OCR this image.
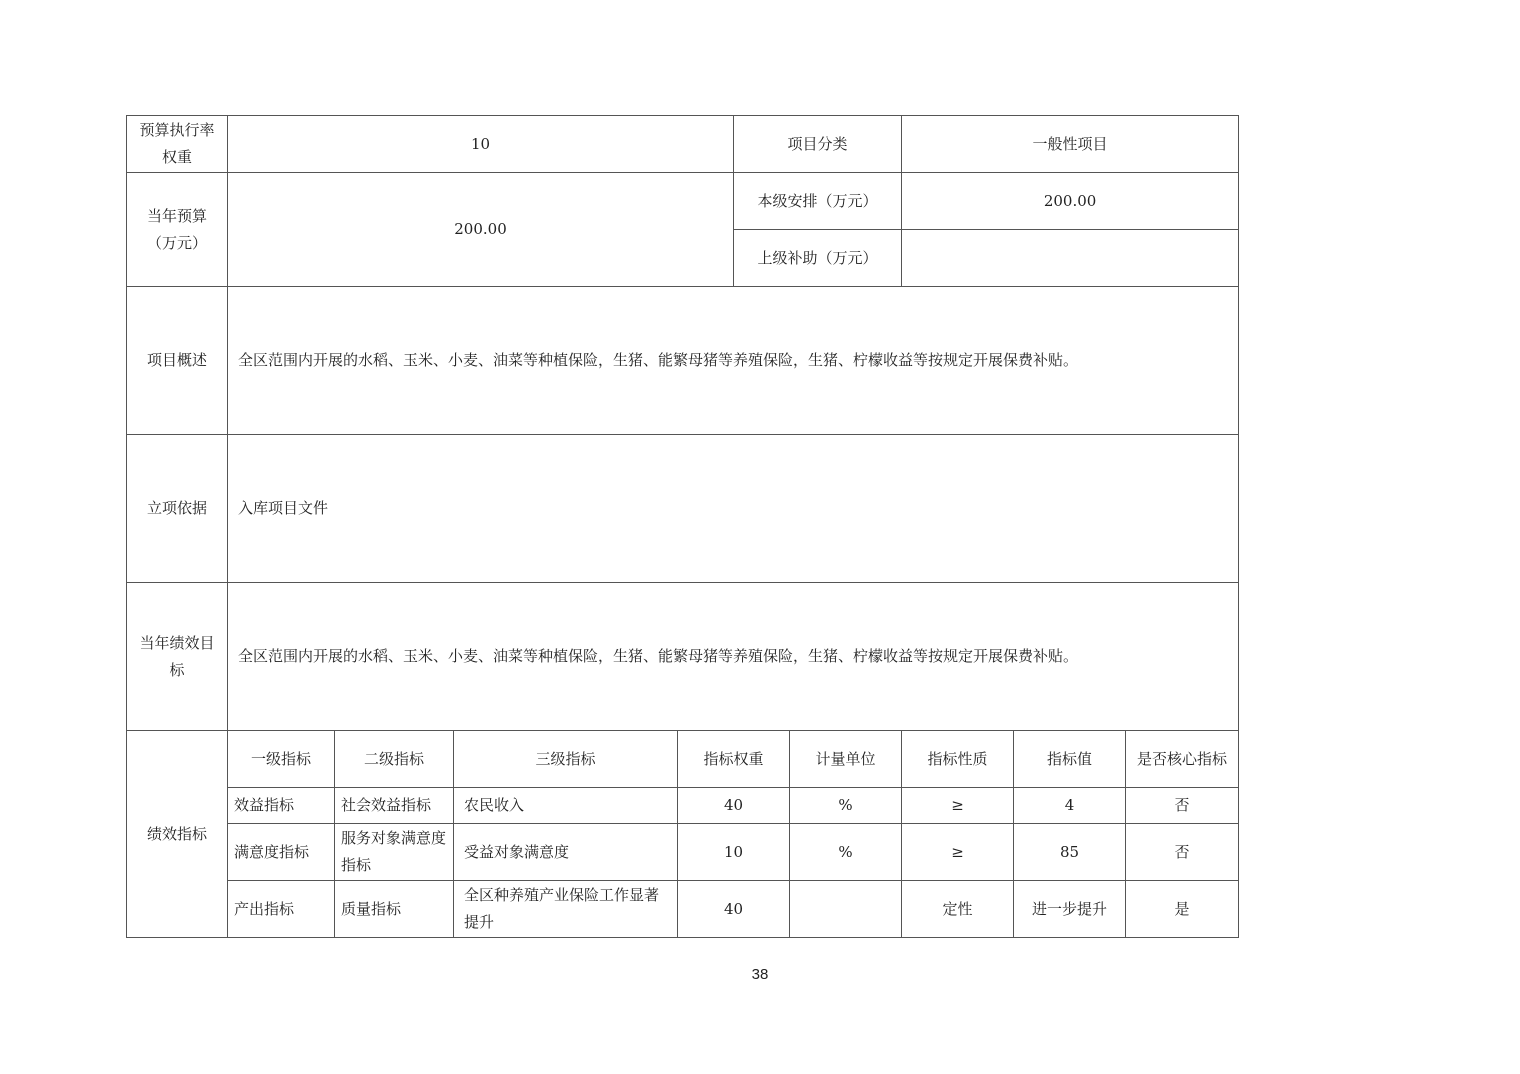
预算执行率权重	10				项目分类		一般性项目		
当年预算（万元）	200.00				本级安排（万元）		200.00		
					上级补助（万元）				
项目概述	全区范围内开展的水稻、玉米、小麦、油菜等种植保险，生猪、能繁母猪等养殖保险，生猪、柠檬收益等按规定开展保费补贴。								
立项依据	入库项目文件								
当年绩效目标	全区范围内开展的水稻、玉米、小麦、油菜等种植保险，生猪、能繁母猪等养殖保险，生猪、柠檬收益等按规定开展保费补贴。								
绩效指标	一级指标	二级指标	三级指标	指标权重		计量单位	指标性质	指标值	是否核心指标
	效益指标	社会效益指标	农民收入	40		%	≥	4	否
	满意度指标	服务对象满意度指标	受益对象满意度	10		%	≥	85	否
	产出指标	质量指标	全区种养殖产业保险工作显著提升	40			定性	进一步提升	是
38
